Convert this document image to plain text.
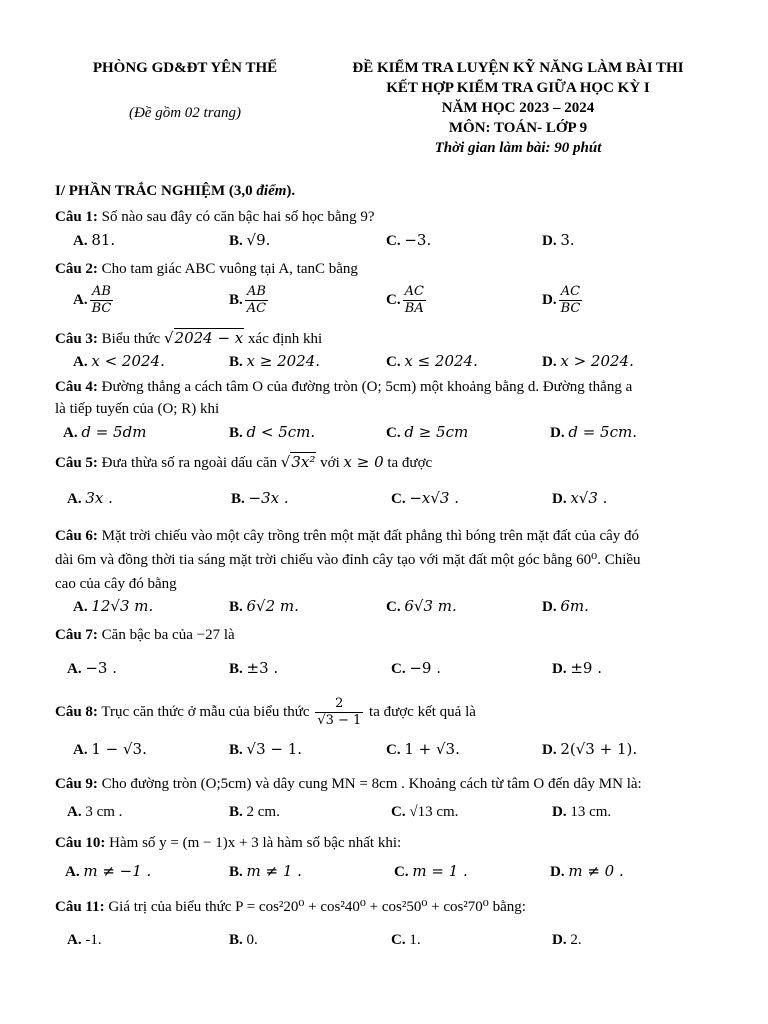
PHÒNG GD&ĐT YÊN THẾ
(Đề gồm 02 trang)
ĐỀ KIỂM TRA LUYỆN KỸ NĂNG LÀM BÀI THI
KẾT HỢP KIỂM TRA GIỮA HỌC KỲ I
NĂM HỌC 2023 – 2024
MÔN: TOÁN- LỚP 9
Thời gian làm bài: 90 phút
I/ PHẦN TRẮC NGHIỆM (3,0 điểm).
Câu 1: Số nào sau đây có căn bậc hai số học bằng 9?
A. 81.	B. √9.	C. −3.	D. 3.
Câu 2: Cho tam giác ABC vuông tại A, tanC bằng
A. $\frac{AB}{BC}$	B. $\frac{AB}{AC}$	C. $\frac{AC}{BA}$	D. $\frac{AC}{BC}$
Câu 3: Biểu thức √ 2024 − x xác định khi
A. x < 2024.	B. x ≥ 2024.	C. x ≤ 2024.	D. x > 2024.
Câu 4: Đường thẳng a cách tâm O của đường tròn (O; 5cm) một khoảng bằng d. Đường thẳng a
là tiếp tuyến của (O; R) khi
A. d = 5dm	B. d < 5cm.	C. d ≥ 5cm	D. d = 5cm.
Câu 5: Đưa thừa số ra ngoài dấu căn √ 3x² với x ≥ 0 ta được
A. 3x .	B. −3x .	C. −x√3 .	D. x√3 .
Câu 6: Mặt trời chiếu vào một cây trồng trên một mặt đất phẳng thì bóng trên mặt đất của cây đó
dài 6m và đồng thời tia sáng mặt trời chiếu vào đỉnh cây tạo với mặt đất một góc bằng 60⁰. Chiều
cao của cây đó bằng
A. 12√3 m.	B. 6√2 m.	C. 6√3 m.	D. 6m.
Câu 7: Căn bậc ba của −27 là
A. −3 .	B. ±3 .	C. −9 .	D. ±9 .
Câu 8: Trục căn thức ở mẫu của biểu thức $\frac{2}{√3 - 1}$ ta được kết quả là
A. 1 − √3.	B. √3 − 1.	C. 1 + √3.	D. 2(√3 + 1).
Câu 9: Cho đường tròn (O;5cm) và dây cung MN = 8cm . Khoảng cách từ tâm O đến dây MN là:
A. 3 cm .	B. 2 cm.	C. √13 cm.	D. 13 cm.
Câu 10: Hàm số y = (m − 1)x + 3 là hàm số bậc nhất khi:
A. m ≠ −1 .	B. m ≠ 1 .	C. m = 1 .	D. m ≠ 0 .
Câu 11: Giá trị của biểu thức P = cos²20⁰ + cos²40⁰ + cos²50⁰ + cos²70⁰ bằng:
A. -1.	B. 0.	C. 1.	D. 2.
